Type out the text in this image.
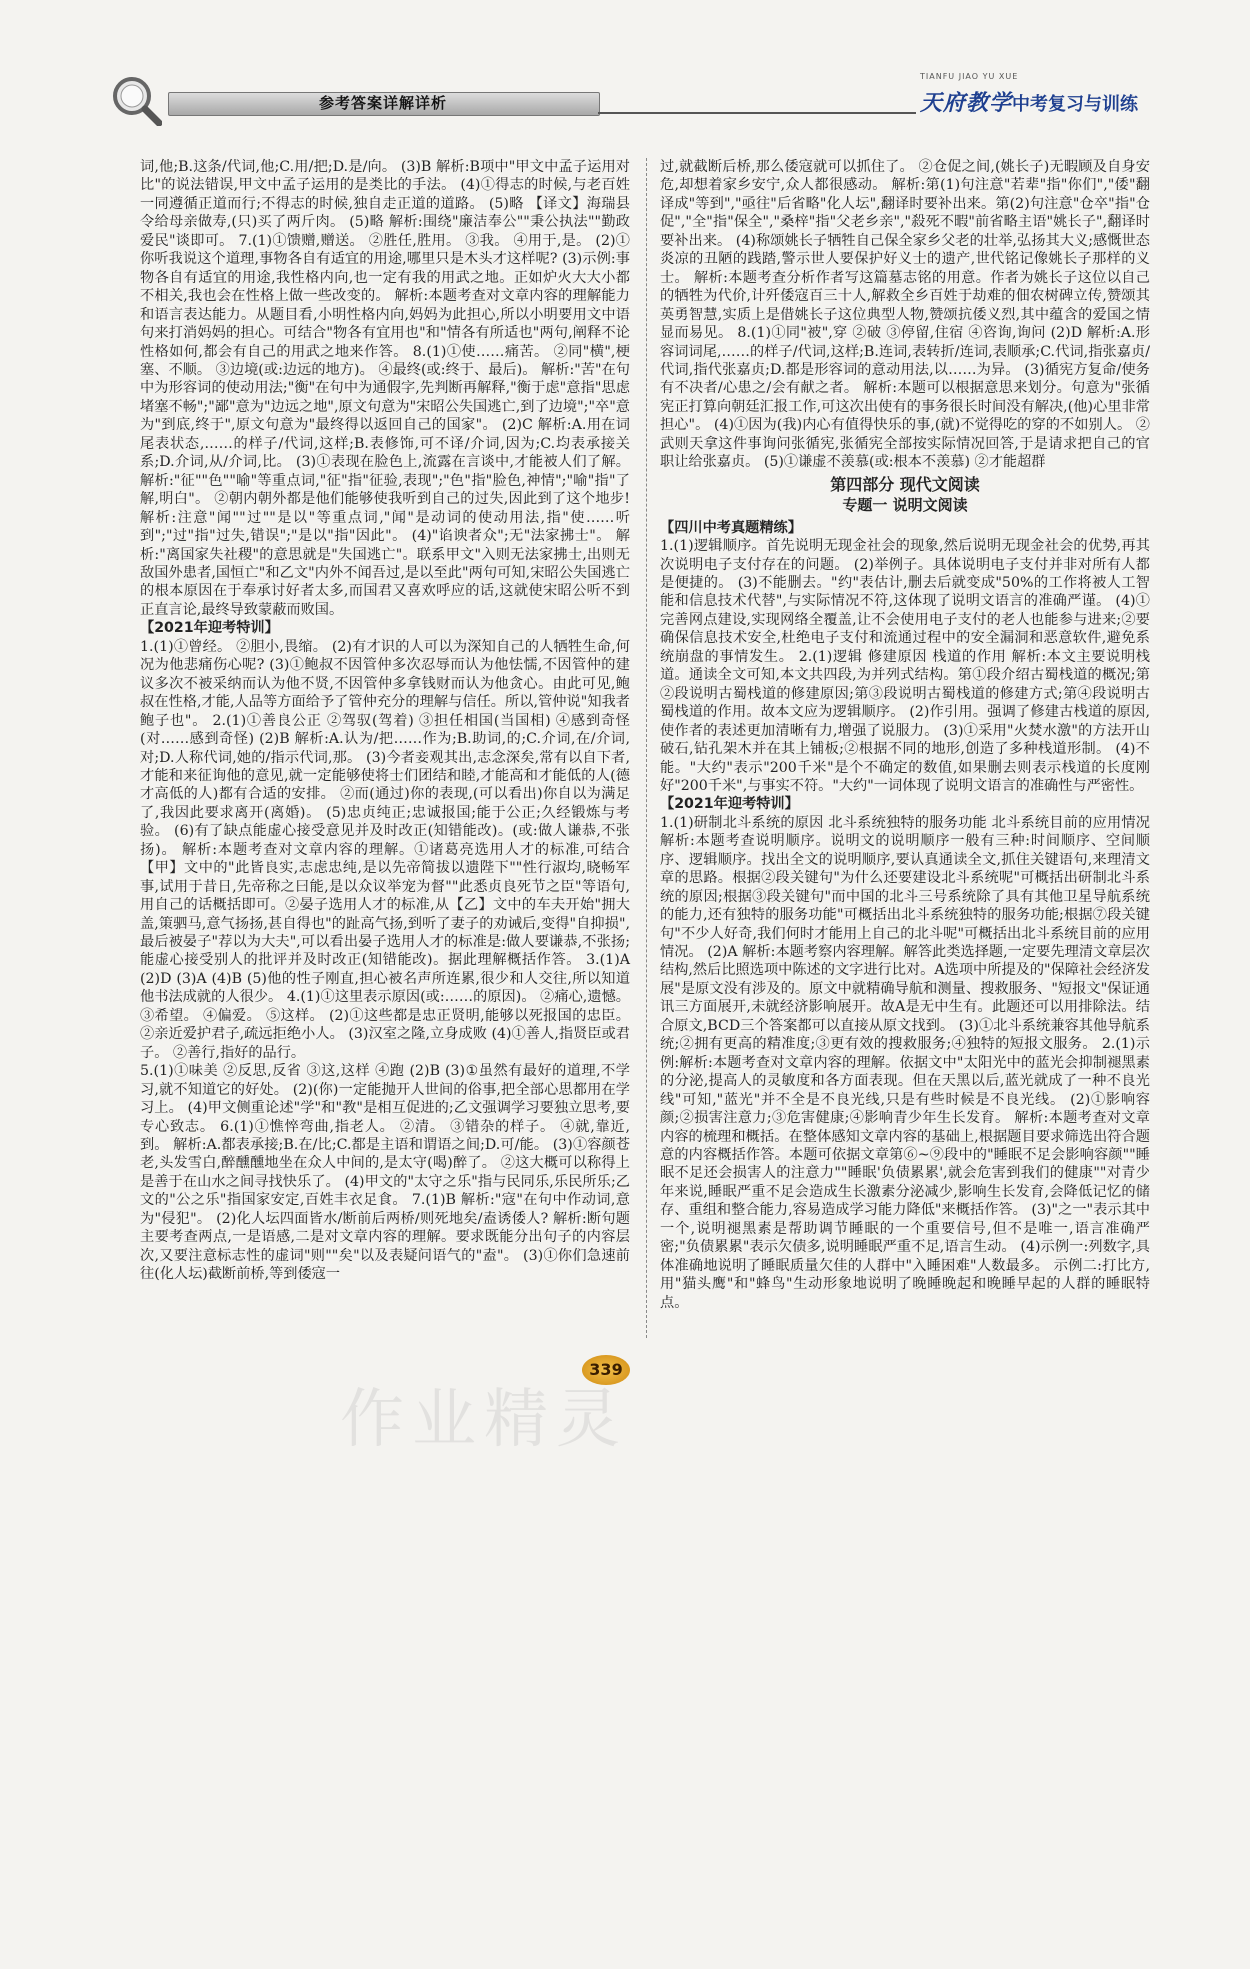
参考答案详解详析
TIANFU JIAO YU XUE
天府教学 中考复习与训练

词,他;B.这条/代词,他;C.用/把;D.是/向。 (3)B 解析:B项中"甲文中孟子运用对比"的说法错误,甲文中孟子运用的是类比的手法。 (4)①得志的时候,与老百姓一同遵循正道而行;不得志的时候,独自走正道的道路。 (5)略 【译文】海瑞县令给母亲做寿,(只)买了两斤肉。 (5)略 解析:围绕"廉洁奉公""秉公执法""勤政爱民"谈即可。 7.(1)①馈赠,赠送。 ②胜任,胜用。 ③我。 ④用于,是。 (2)①你听我说这个道理,事物各自有适宜的用途,哪里只是木头才这样呢? (3)示例:事物各自有适宜的用途,我性格内向,也一定有我的用武之地。正如炉火大大小都不相关,我也会在性格上做一些改变的。 解析:本题考查对文章内容的理解能力和语言表达能力。从题目看,小明性格内向,妈妈为此担心,所以小明要用文中语句来打消妈妈的担心。可结合"物各有宜用也"和"情各有所适也"两句,阐释不论性格如何,都会有自己的用武之地来作答。 8.(1)①使……痛苦。 ②同"横",梗塞、不顺。 ③边境(或:边远的地方)。 ④最终(或:终于、最后)。 解析:"苦"在句中为形容词的使动用法;"衡"在句中为通假字,先判断再解释,"衡于虑"意指"思虑堵塞不畅";"鄙"意为"边远之地",原文句意为"宋昭公失国逃亡,到了边境";"卒"意为"到底,终于",原文句意为"最终得以返回自己的国家"。 (2)C 解析:A.用在词尾表状态,……的样子/代词,这样;B.表修饰,可不译/介词,因为;C.均表承接关系;D.介词,从/介词,比。 (3)①表现在脸色上,流露在言谈中,才能被人们了解。 解析:"征""色""喻"等重点词,"征"指"征验,表现";"色"指"脸色,神情";"喻"指"了解,明白"。 ②朝内朝外都是他们能够使我听到自己的过失,因此到了这个地步! 解析:注意"闻""过""是以"等重点词,"闻"是动词的使动用法,指"使……听到";"过"指"过失,错误";"是以"指"因此"。 (4)"谄谀者众";无"法家拂士"。 解析:"离国家失社稷"的意思就是"失国逃亡"。联系甲文"入则无法家拂士,出则无敌国外患者,国恒亡"和乙文"内外不闻吾过,是以至此"两句可知,宋昭公失国逃亡的根本原因在于奉承讨好者太多,而国君又喜欢呼应的话,这就使宋昭公听不到正直言论,最终导致蒙蔽而败国。

【2021年迎考特训】

1.(1)①曾经。 ②胆小,畏缩。 (2)有才识的人可以为深知自己的人牺牲生命,何况为他悲痛伤心呢? (3)①鲍叔不因管仲多次忍辱而认为他怯懦,不因管仲的建议多次不被采纳而认为他不贤,不因管仲多拿钱财而认为他贪心。由此可见,鲍叔在性格,才能,人品等方面给予了管仲充分的理解与信任。所以,管仲说"知我者鲍子也"。 2.(1)①善良公正 ②驾驭(驾着) ③担任相国(当国相) ④感到奇怪(对……感到奇怪) (2)B 解析:A.认为/把……作为;B.助词,的;C.介词,在/介词,对;D.人称代词,她的/指示代词,那。 (3)今者妾观其出,志念深矣,常有以自下者,才能和来征询他的意见,就一定能够使将士们团结和睦,才能高和才能低的人(德才高低的人)都有合适的安排。 ②而(通过)你的表现,(可以看出)你自以为满足了,我因此要求离开(离婚)。 (5)忠贞纯正;忠诚报国;能于公正;久经锻炼与考验。 (6)有了缺点能虚心接受意见并及时改正(知错能改)。(或:做人谦恭,不张扬)。 解析:本题考查对文章内容的理解。①诸葛亮选用人才的标准,可结合【甲】文中的"此皆良实,志虑忠纯,是以先帝简拔以遗陛下""性行淑均,晓畅军事,试用于昔日,先帝称之曰能,是以众议举宠为督""此悉贞良死节之臣"等语句,用自己的话概括即可。②晏子选用人才的标准,从【乙】文中的车夫开始"拥大盖,策驷马,意气扬扬,甚自得也"的趾高气扬,到听了妻子的劝诫后,变得"自抑损",最后被晏子"荐以为大夫",可以看出晏子选用人才的标准是:做人要谦恭,不张扬;能虚心接受别人的批评并及时改正(知错能改)。据此理解概括作答。 3.(1)A (2)D (3)A (4)B (5)他的性子刚直,担心被名声所连累,很少和人交往,所以知道他书法成就的人很少。 4.(1)①这里表示原因(或:……的原因)。 ②痛心,遗憾。 ③希望。 ④偏爱。 ⑤这样。 (2)①这些都是忠正贤明,能够以死报国的忠臣。 ②亲近爱护君子,疏远拒绝小人。 (3)汉室之隆,立身成败 (4)①善人,指贤臣或君子。 ②善行,指好的品行。

5.(1)①味美 ②反思,反省 ③这,这样 ④跑 (2)B (3)①虽然有最好的道理,不学习,就不知道它的好处。 (2)(你)一定能抛开人世间的俗事,把全部心思都用在学习上。 (4)甲文侧重论述"学"和"教"是相互促进的;乙文强调学习要独立思考,要专心致志。 6.(1)①憔悴弯曲,指老人。 ②清。 ③错杂的样子。 ④就,靠近,到。 解析:A.都表承接;B.在/比;C.都是主语和谓语之间;D.可/能。 (3)①容颜苍老,头发雪白,醉醺醺地坐在众人中间的,是太守(喝)醉了。 ②这大概可以称得上是善于在山水之间寻找快乐了。 (4)甲文的"太守之乐"指与民同乐,乐民所乐;乙文的"公之乐"指国家安定,百姓丰衣足食。 7.(1)B 解析:"寇"在句中作动词,意为"侵犯"。 (2)化人坛四面皆水/断前后两桥/则死地矣/盍诱倭人? 解析:断句题主要考查两点,一是语感,二是对文章内容的理解。要求既能分出句子的内容层次,又要注意标志性的虚词"则""矣"以及表疑问语气的"盍"。 (3)①你们急速前往(化人坛)截断前桥,等到倭寇一

过,就截断后桥,那么倭寇就可以抓住了。 ②仓促之间,(姚长子)无暇顾及自身安危,却想着家乡安宁,众人都很感动。 解析:第(1)句注意"若辈"指"你们","倭"翻译成"等到","亟往"后省略"化人坛",翻译时要补出来。第(2)句注意"仓卒"指"仓促","全"指"保全","桑梓"指"父老乡亲","殺死不暇"前省略主语"姚长子",翻译时要补出来。 (4)称颂姚长子牺牲自己保全家乡父老的壮举,弘扬其大义;感慨世态炎凉的丑陋的践踏,警示世人要保护好义士的遗产,世代铭记像姚长子那样的义士。 解析:本题考查分析作者写这篇墓志铭的用意。作者为姚长子这位以自己的牺牲为代价,计歼倭寇百三十人,解救全乡百姓于劫难的佃农树碑立传,赞颂其英勇智慧,实质上是借姚长子这位典型人物,赞颂抗倭义烈,其中蕴含的爱国之情显而易见。 8.(1)①同"被",穿 ②破 ③停留,住宿 ④咨询,询问 (2)D 解析:A.形容词词尾,……的样子/代词,这样;B.连词,表转折/连词,表顺承;C.代词,指张嘉贞/代词,指代张嘉贞;D.都是形容词的意动用法,以……为异。 (3)循宪方复命/使务有不决者/心患之/会有献之者。 解析:本题可以根据意思来划分。句意为"张循宪正打算向朝廷汇报工作,可这次出使有的事务很长时间没有解决,(他)心里非常担心"。 (4)①因为(我)内心有值得快乐的事,(就)不觉得吃的穿的不如别人。 ②武则天拿这件事询问张循宪,张循宪全部按实际情况回答,于是请求把自己的官职让给张嘉贞。 (5)①谦虚不羡慕(或:根本不羡慕) ②才能超群

第四部分 现代文阅读

专题一 说明文阅读

【四川中考真题精练】

1.(1)逻辑顺序。首先说明无现金社会的现象,然后说明无现金社会的优势,再其次说明电子支付存在的问题。 (2)举例子。具体说明电子支付并非对所有人都是便捷的。 (3)不能删去。"约"表估计,删去后就变成"50%的工作将被人工智能和信息技术代替",与实际情况不符,这体现了说明文语言的准确严谨。 (4)①完善网点建设,实现网络全覆盖,让不会使用电子支付的老人也能参与进来;②要确保信息技术安全,杜绝电子支付和流通过程中的安全漏洞和恶意软件,避免系统崩盘的事情发生。 2.(1)逻辑 修建原因 栈道的作用 解析:本文主要说明栈道。通读全文可知,本文共四段,为并列式结构。第①段介绍古蜀栈道的概况;第②段说明古蜀栈道的修建原因;第③段说明古蜀栈道的修建方式;第④段说明古蜀栈道的作用。故本文应为逻辑顺序。 (2)作引用。强调了修建古栈道的原因,使作者的表述更加清晰有力,增强了说服力。 (3)①采用"火焚水激"的方法开山破石,钻孔架木并在其上铺板;②根据不同的地形,创造了多种栈道形制。 (4)不能。"大约"表示"200千米"是个不确定的数值,如果删去则表示栈道的长度刚好"200千米",与事实不符。"大约"一词体现了说明文语言的准确性与严密性。

【2021年迎考特训】

1.(1)研制北斗系统的原因 北斗系统独特的服务功能 北斗系统目前的应用情况 解析:本题考查说明顺序。说明文的说明顺序一般有三种:时间顺序、空间顺序、逻辑顺序。找出全文的说明顺序,要认真通读全文,抓住关键语句,来理清文章的思路。根据②段关键句"为什么还要建设北斗系统呢"可概括出研制北斗系统的原因;根据③段关键句"而中国的北斗三号系统除了具有其他卫星导航系统的能力,还有独特的服务功能"可概括出北斗系统独特的服务功能;根据⑦段关键句"不少人好奇,我们何时才能用上自己的北斗呢"可概括出北斗系统目前的应用情况。 (2)A 解析:本题考察内容理解。解答此类选择题,一定要先理清文章层次结构,然后比照选项中陈述的文字进行比对。A选项中所提及的"保障社会经济发展"是原文没有涉及的。原文中就精确导航和测量、搜救服务、"短报文"保证通讯三方面展开,未就经济影响展开。故A是无中生有。此题还可以用排除法。结合原文,BCD三个答案都可以直接从原文找到。 (3)①北斗系统兼容其他导航系统;②拥有更高的精准度;③更有效的搜救服务;④独特的短报文服务。 2.(1)示例:解析:本题考查对文章内容的理解。依据文中"太阳光中的蓝光会抑制褪黑素的分泌,提高人的灵敏度和各方面表现。但在天黑以后,蓝光就成了一种不良光线"可知,"蓝光"并不全是不良光线,只是有些时候是不良光线。 (2)①影响容颜;②损害注意力;③危害健康;④影响青少年生长发育。 解析:本题考查对文章内容的梳理和概括。在整体感知文章内容的基础上,根据题目要求筛选出符合题意的内容概括作答。本题可依据文章第⑥~⑨段中的"睡眠不足会影响容颜""睡眠不足还会损害人的注意力""睡眠'负债累累',就会危害到我们的健康""对青少年来说,睡眠严重不足会造成生长激素分泌减少,影响生长发育,会降低记忆的储存、重组和整合能力,容易造成学习能力降低"来概括作答。 (3)"之一"表示其中一个,说明褪黑素是帮助调节睡眠的一个重要信号,但不是唯一,语言准确严密;"负债累累"表示欠债多,说明睡眠严重不足,语言生动。 (4)示例一:列数字,具体准确地说明了睡眠质量欠佳的人群中"入睡困难"人数最多。 示例二:打比方,用"猫头鹰"和"蜂鸟"生动形象地说明了晚睡晚起和晚睡早起的人群的睡眠特点。

339
作业精灵
